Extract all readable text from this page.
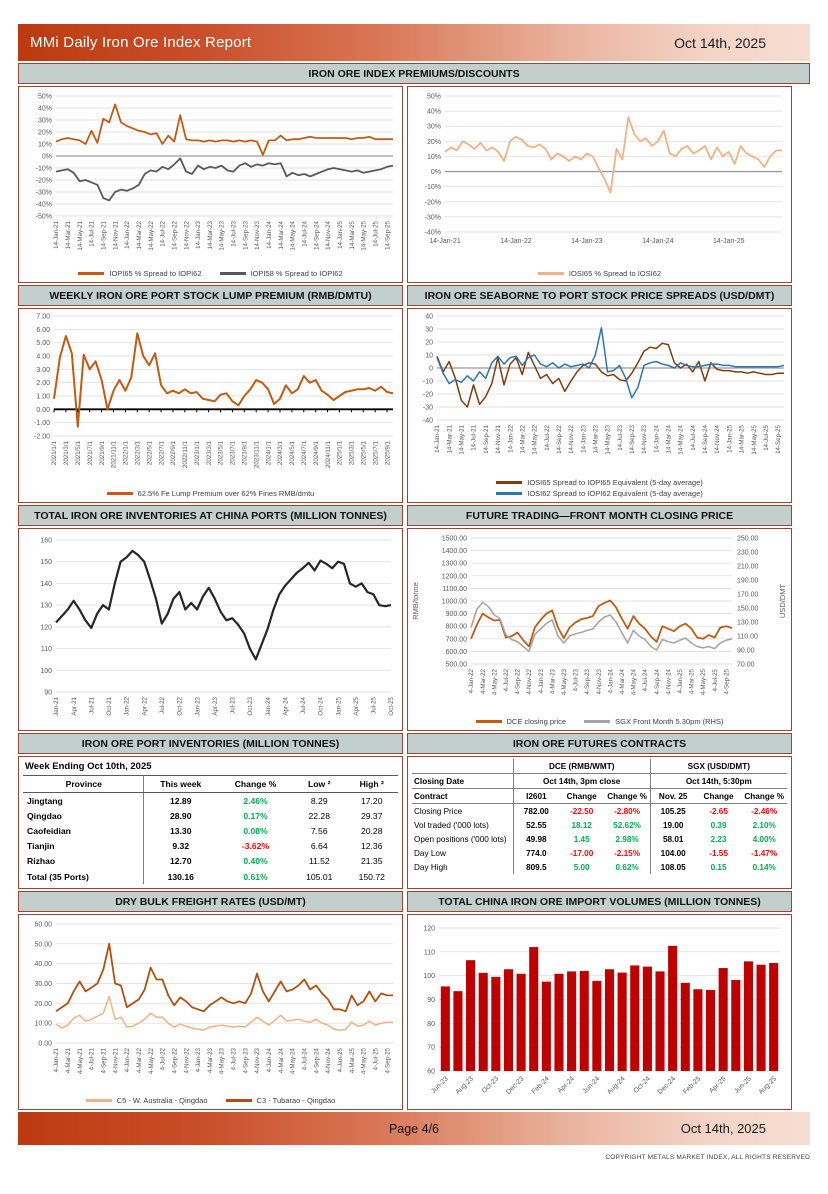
MMi Daily Iron Ore Index Report	Oct 14th, 2025
IRON ORE INDEX PREMIUMS/DISCOUNTS
-50%
-40%
-30%
-20%
-10%
0%
10%
20%
30%
40%
50%
14-Jan-21 14-Mar-21 14-May-21 14-Jul-21 14-Sep-21 14-Nov-21 14-Jan-22 14-Mar-22 14-May-22 14-Jul-22 14-Sep-22 14-Nov-22 14-Jan-23 14-Mar-23 14-May-23 14-Jul-23 14-Sep-23 14-Nov-23 14-Jan-24 14-Mar-24 14-May-24 14-Jul-24 14-Sep-24 14-Nov-24 14-Jan-25 14-Mar-25 14-May-25 14-Jul-25 14-Sep-25
IOPI65 % Spread to IOPI62	IOPI58 % Spread to IOPI62
-40%
-30%
-20%
-10%
0%
10%
20%
30%
40%
50%
14-Jan-21	14-Jan-22	14-Jan-23	14-Jan-24	14-Jan-25
IOSI65 % Spread to IOSI62
WEEKLY IRON ORE PORT STOCK LUMP PREMIUM (RMB/DMTU)
-2.00
-1.00
0.00
1.00
2.00
3.00
4.00
5.00
6.00
7.00
2021/1/1 2021/3/1 2021/5/1 2021/7/1 2021/9/1 2021/11/1 2022/1/1 2022/3/1 2022/5/1 2022/7/1 2022/9/1 2022/11/1 2023/1/1 2023/3/1 2023/5/1 2023/7/1 2023/9/1 2023/11/1 2024/1/1 2024/3/1 2024/5/1 2024/7/1 2024/9/1 2024/11/1 2025/1/1 2025/3/1 2025/5/1 2025/7/1 2025/9/1
62.5% Fe Lump Premium over 62% Fines RMB/dmtu
IRON ORE SEABORNE TO PORT STOCK PRICE SPREADS (USD/DMT)
-40
-30
-20
-10
0
10
20
30
40
14-Jan-21 14-Mar-21 14-May-21 14-Jul-21 14-Sep-21 14-Nov-21 14-Jan-22 14-Mar-22 14-May-22 14-Jul-22 14-Sep-22 14-Nov-22 14-Jan-23 14-Mar-23 14-May-23 14-Jul-23 14-Sep-23 14-Nov-23 14-Jan-24 14-Mar-24 14-May-24 14-Jul-24 14-Sep-24 14-Nov-24 14-Jan-25 14-Mar-25 14-May-25 14-Jul-25 14-Sep-25
IOSI65 Spread to IOPI65 Equivalent (5-day average)
IOSI62 Spread to IOPI62 Equivalent (5-day average)
TOTAL IRON ORE INVENTORIES AT CHINA PORTS (MILLION TONNES)
90
100
110
120
130
140
150
160
Jan-21 Apr-21 Jul-21 Oct-21 Jan-22 Apr-22 Jul-22 Oct-22 Jan-23 Apr-23 Jul-23 Oct-23 Jan-24 Apr-24 Jul-24 Oct-24 Jan-25 Apr-25 Jul-25 Oct-25
FUTURE TRADING—FRONT MONTH CLOSING PRICE
70.00
90.00
110.00
130.00
150.00
170.00
190.00
210.00
230.00
250.00
500.00
600.00
700.00
800.00
900.00
1000.00
1100.00
1200.00
1300.00
1400.00
1500.00
4-Jan-22 4-Mar-22 4-May-22 4-Jul-22 4-Sep-22 4-Nov-22 4-Jan-23 4-Mar-23 4-May-23 4-Jul-23 4-Sep-23 4-Nov-23 4-Jan-24 4-Mar-24 4-May-24 4-Jul-24 4-Sep-24 4-Nov-24 4-Jan-25 4-Mar-25 4-May-25 4-Jul-25 4-Sep-25
RMB/tonne	USD/DMT
DCE closing price	SGX Front Month 5.30pm (RHS)
IRON ORE PORT INVENTORIES (MILLION TONNES)
Week Ending Oct 10th, 2025
Province	This week	Change %	Low ²	High ²
Jingtang	12.89	2.46%	8.29	17.20
Qingdao	28.90	0.17%	22.28	29.37
Caofeidian	13.30	0.08%	7.56	20.28
Tianjin	9.32	-3.62%	6.64	12.36
Rizhao	12.70	0.40%	11.52	21.35
Total (35 Ports)	130.16	0.61%	105.01	150.72
IRON ORE FUTURES CONTRACTS
	DCE (RMB/WMT)			SGX (USD/DMT)		
Closing Date	Oct 14th, 3pm close			Oct 14th, 5:30pm		
Contract	I2601	Change	Change %	Nov. 25	Change	Change %
Closing Price	782.00	-22.50	-2.80%	105.25	-2.65	-2.46%
Vol traded ('000 lots)	52.55	18.12	52.62%	19.00	0.39	2.10%
Open positions ('000 lots)	49.98	1.45	2.98%	58.01	2.23	4.00%
Day Low	774.0	-17.00	-2.15%	104.00	-1.55	-1.47%
Day High	809.5	5.00	0.62%	108.05	0.15	0.14%
DRY BULK FREIGHT RATES (USD/MT)
0.00
10.00
20.00
30.00
40.00
50.00
60.00
4-Jan-21 4-Mar-21 4-May-21 4-Jul-21 4-Sep-21 4-Nov-21 4-Jan-22 4-Mar-22 4-May-22 4-Jul-22 4-Sep-22 4-Nov-22 4-Jan-23 4-Mar-23 4-May-23 4-Jul-23 4-Sep-23 4-Nov-23 4-Jan-24 4-Mar-24 4-May-24 4-Jul-24 4-Sep-24 4-Nov-24 4-Jan-25 4-Mar-25 4-May-25 4-Jul-25 4-Sep-25
C5 - W. Australia - Qingdao	C3 - Tubarao - Qingdao
TOTAL CHINA IRON ORE IMPORT VOLUMES (MILLION TONNES)
60
70
80
90
100
110
120
Jun-23 Aug-23 Oct-23 Dec-23 Feb-24 Apr-24 Jun-24 Aug-24 Oct-24 Dec-24 Feb-25 Apr-25 Jun-25 Aug-25
Page 4/6	Oct 14th, 2025
COPYRIGHT METALS MARKET INDEX, ALL RIGHTS RESERVED
